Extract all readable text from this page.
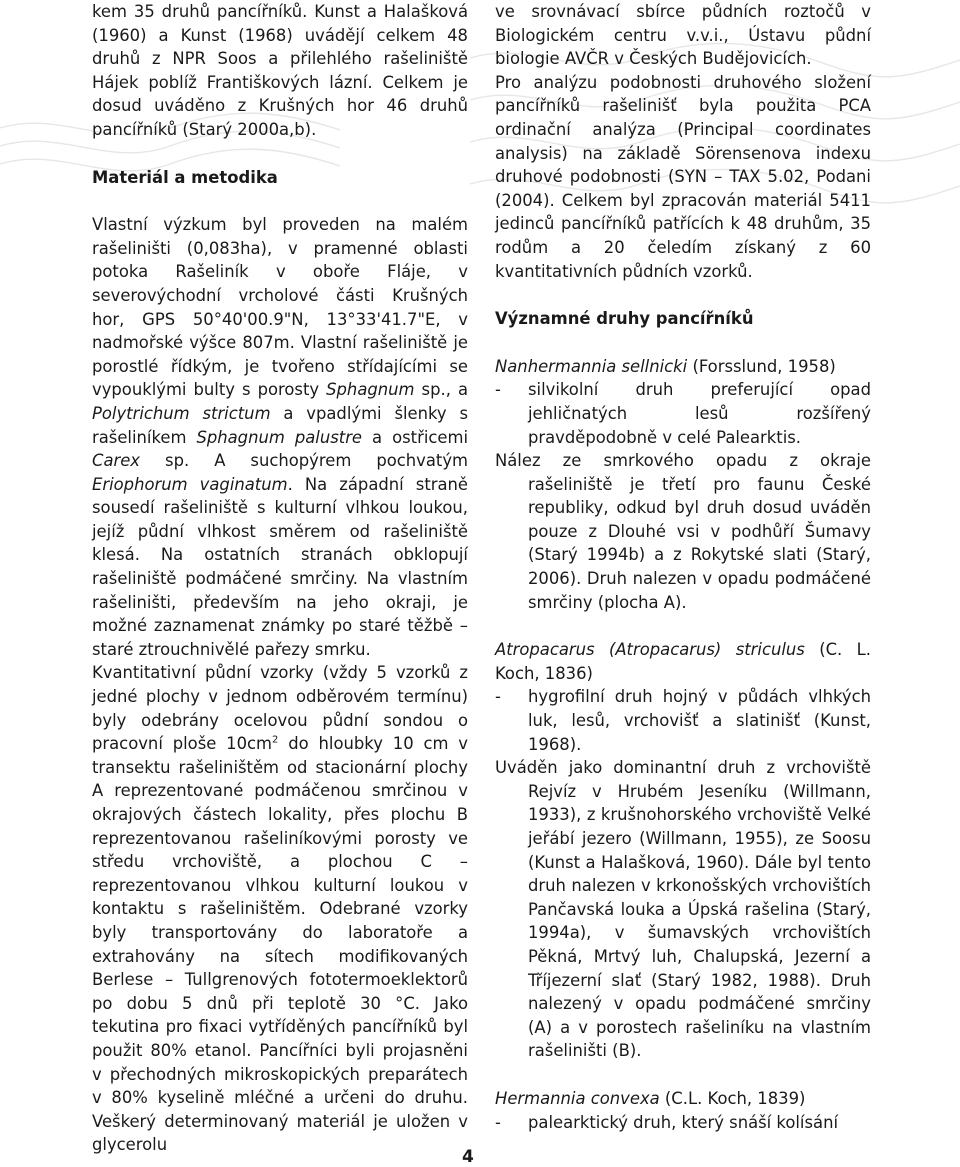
kem 35 druhů pancířníků. Kunst a Halašková (1960) a Kunst (1968) uvádějí celkem 48 druhů z NPR Soos a přilehlého rašeliniště Hájek poblíž Františkových lázní. Celkem je dosud uváděno z Krušných hor 46 druhů pancířníků (Starý 2000a,b).

Materiál a metodika

Vlastní výzkum byl proveden na malém rašeliništi (0,083ha), v pramenné oblasti potoka Rašeliník v oboře Fláje, v severovýchodní vrcholové části Krušných hor, GPS 50°40'00.9"N, 13°33'41.7"E, v nadmořské výšce 807m. Vlastní rašeliniště je porostlé řídkým, je tvořeno střídajícími se vypouklými bulty s porosty Sphagnum sp., a Polytrichum strictum a vpadlými šlenky s rašeliníkem Sphagnum palustre a ostřicemi Carex sp. A suchopýrem pochvatým Eriophorum vaginatum. Na západní straně sousedí rašeliniště s kulturní vlhkou loukou, jejíž půdní vlhkost směrem od rašeliniště klesá. Na ostatních stranách obklopují rašeliniště podmáčené smrčiny. Na vlastním rašeliništi, především na jeho okraji, je možné zaznamenat známky po staré těžbě – staré ztrouchnivělé pařezy smrku.

Kvantitativní půdní vzorky (vždy 5 vzorků z jedné plochy v jednom odběrovém termínu) byly odebrány ocelovou půdní sondou o pracovní ploše $10cm^2$ do hloubky 10 cm v transektu rašeliništěm od stacionární plochy A reprezentované podmáčenou smrčinou v okrajových částech lokality, přes plochu B reprezentovanou rašeliníkovými porosty ve středu vrchoviště, a plochou C – reprezentovanou vlhkou kulturní loukou v kontaktu s rašeliništěm. Odebrané vzorky byly transportovány do laboratoře a extrahovány na sítech modifikovaných Berlese – Tullgrenových fototermoeklektorů po dobu 5 dnů při teplotě 30 °C. Jako tekutina pro fixaci vytříděných pancířníků byl použit 80% etanol. Pancířníci byli projasněni v přechodných mikroskopických preparátech v 80% kyselině mléčné a určeni do druhu. Veškerý determinovaný materiál je uložen v glycerolu

ve srovnávací sbírce půdních roztočů v Biologickém centru v.v.i., Ústavu půdní biologie AVČR v Českých Budějovicích.

Pro analýzu podobnosti druhového složení pancířníků rašelinišť byla použita PCA ordinační analýza (Principal coordinates analysis) na základě Sörensenova indexu druhové podobnosti (SYN – TAX 5.02, Podani (2004). Celkem byl zpracován materiál 5411 jedinců pancířníků patřících k 48 druhům, 35 rodům a 20 čeledím získaný z 60 kvantitativních půdních vzorků.

Významné druhy pancířníků

Nanhermannia sellnicki (Forsslund, 1958)

-	silvikolní druh preferující opad jehličnatých lesů rozšířený pravděpodobně v celé Palearktis.

Nález ze smrkového opadu z okraje rašeliniště je třetí pro faunu České republiky, odkud byl druh dosud uváděn pouze z Dlouhé vsi v podhůří Šumavy (Starý 1994b) a z Rokytské slati (Starý, 2006). Druh nalezen v opadu podmáčené smrčiny (plocha A).

Atropacarus (Atropacarus) striculus (C. L. Koch, 1836)

-	hygrofilní druh hojný v půdách vlhkých luk, lesů, vrchovišť a slatinišť (Kunst, 1968).

Uváděn jako dominantní druh z vrchoviště Rejvíz v Hrubém Jeseníku (Willmann, 1933), z krušnohorského vrchoviště Velké jeřábí jezero (Willmann, 1955), ze Soosu (Kunst a Halašková, 1960). Dále byl tento druh nalezen v krkonošských vrchovištích Pančavská louka a Úpská rašelina (Starý, 1994a), v šumavských vrchovištích Pěkná, Mrtvý luh, Chalupská, Jezerní a Tříjezerní slať (Starý 1982, 1988). Druh nalezený v opadu podmáčené smrčiny (A) a v porostech rašeliníku na vlastním rašeliništi (B).

Hermannia convexa (C.L. Koch, 1839)

-	palearktický druh, který snáší kolísání
4
